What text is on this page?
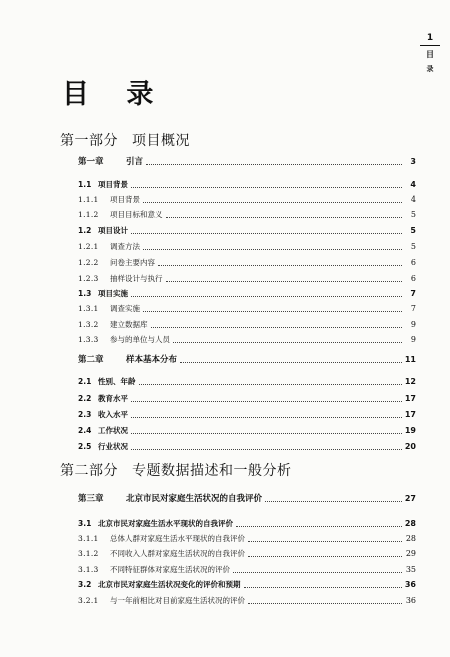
1
目
录
目 录
第一部分 项目概况
第一章	引言	3
1.1 项目背景	4
1.1.1	项目背景	4
1.1.2	项目目标和意义	5
1.2 项目设计	5
1.2.1	调查方法	5
1.2.2	问卷主要内容	6
1.2.3	抽样设计与执行	6
1.3 项目实施	7
1.3.1	调查实施	7
1.3.2	建立数据库	9
1.3.3	参与的单位与人员	9
第二章	样本基本分布	11
2.1 性别、年龄	12
2.2 教育水平	17
2.3 收入水平	17
2.4 工作状况	19
2.5 行业状况	20
第二部分 专题数据描述和一般分析
第三章	北京市民对家庭生活状况的自我评价	27
3.1 北京市民对家庭生活水平现状的自我评价	28
3.1.1	总体人群对家庭生活水平现状的自我评价	28
3.1.2	不同收入人群对家庭生活状况的自我评价	29
3.1.3	不同特征群体对家庭生活状况的评价	35
3.2 北京市民对家庭生活状况变化的评价和预期	36
3.2.1	与一年前相比对目前家庭生活状况的评价	36
